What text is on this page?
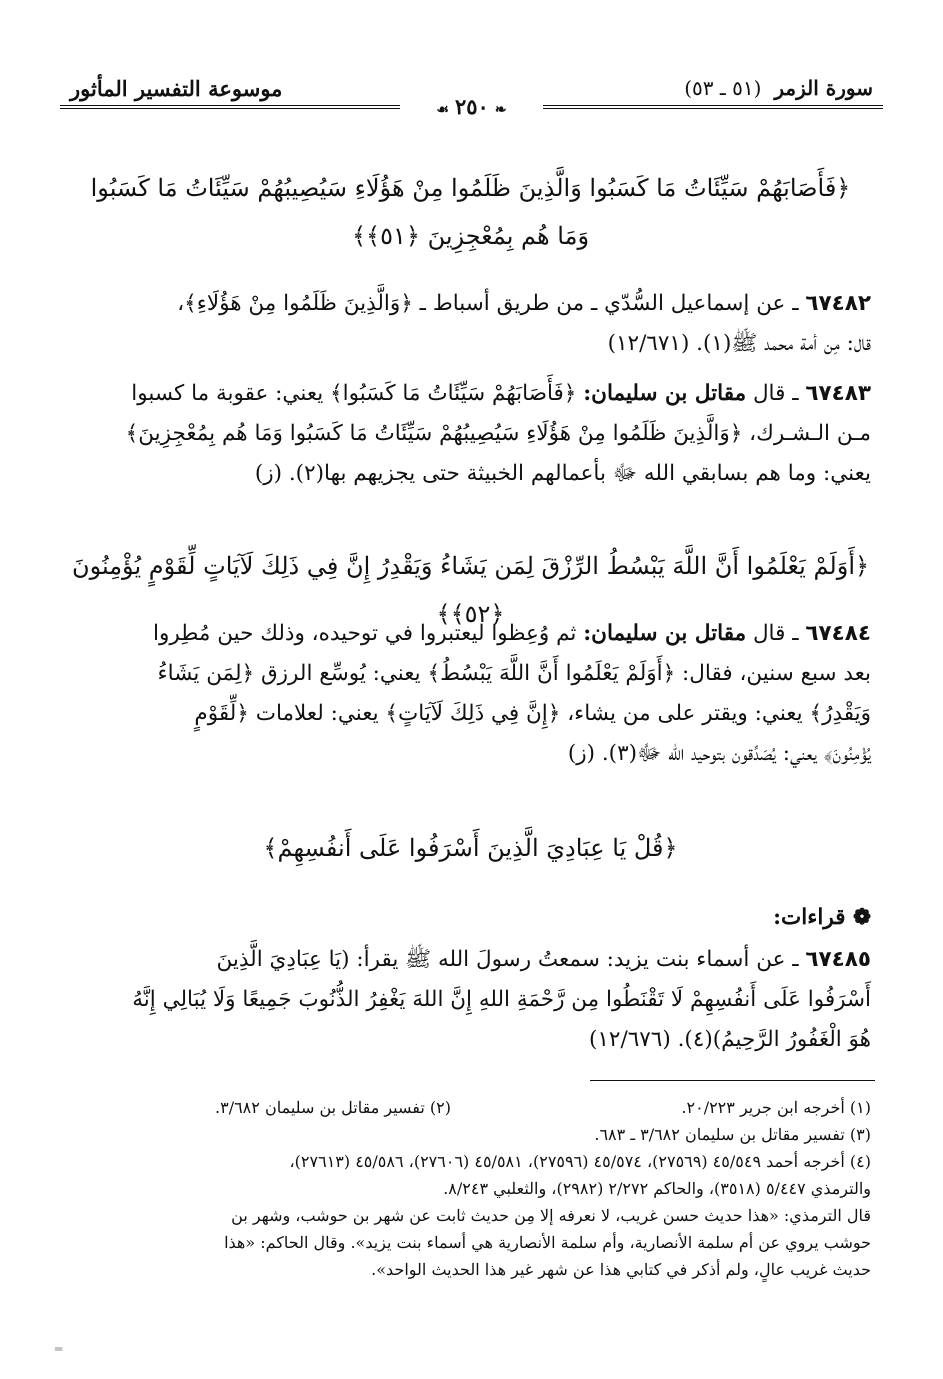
سورة الزمر (٥١ ـ ٥٣)
موسوعة التفسير المأثور
❧٢٥٠☙
﴿فَأَصَابَهُمْ سَيِّئَاتُ مَا كَسَبُوا وَالَّذِينَ ظَلَمُوا مِنْ هَؤُلَاءِ سَيُصِيبُهُمْ سَيِّئَاتُ مَا كَسَبُوا
وَمَا هُم بِمُعْجِزِينَ ﴿٥١﴾﴾
٦٧٤٨٢ ـ عن إسماعيل السُّدّي ـ من طريق أسباط ـ ﴿وَالَّذِينَ ظَلَمُوا مِنْ هَؤُلَاءِ﴾،
قال: مِن أمة محمد ﷺ(١). (١٢/٦٧١)
٦٧٤٨٣ ـ قال مقاتل بن سليمان: ﴿فَأَصَابَهُمْ سَيِّئَاتُ مَا كَسَبُوا﴾ يعني: عقوبة ما كسبوا
مـن الـشـرك، ﴿وَالَّذِينَ ظَلَمُوا مِنْ هَؤُلَاءِ سَيُصِيبُهُمْ سَيِّئَاتُ مَا كَسَبُوا وَمَا هُم بِمُعْجِزِينَ﴾
يعني: وما هم بسابقي الله ﷻ بأعمالهم الخبيثة حتى يجزيهم بها(٢). (ز)
﴿أَوَلَمْ يَعْلَمُوا أَنَّ اللَّهَ يَبْسُطُ الرِّزْقَ لِمَن يَشَاءُ وَيَقْدِرُ إِنَّ فِي ذَلِكَ لَآيَاتٍ لِّقَوْمٍ يُؤْمِنُونَ ﴿٥٢﴾﴾
٦٧٤٨٤ ـ قال مقاتل بن سليمان: ثم وُعِظوا ليعتبروا في توحيده، وذلك حين مُطِروا
بعد سبع سنين، فقال: ﴿أَوَلَمْ يَعْلَمُوا أَنَّ اللَّهَ يَبْسُطُ﴾ يعني: يُوسِّع الرزق ﴿لِمَن يَشَاءُ
وَيَقْدِرُ﴾ يعني: ويقتر على من يشاء، ﴿إِنَّ فِي ذَلِكَ لَآيَاتٍ﴾ يعني: لعلامات ﴿لِّقَوْمٍ
يُؤْمِنُونَ﴾ يعني: يُصَدِّقون بتوحيد الله ﷻ(٣). (ز)
﴿قُلْ يَا عِبَادِيَ الَّذِينَ أَسْرَفُوا عَلَى أَنفُسِهِمْ﴾
❁ قراءات:
٦٧٤٨٥ ـ عن أسماء بنت يزيد: سمعتُ رسولَ الله ﷺ يقرأ: (يَا عِبَادِيَ الَّذِينَ
أَسْرَفُوا عَلَى أَنفُسِهِمْ لَا تَقْنَطُوا مِن رَّحْمَةِ اللهِ إِنَّ اللهَ يَغْفِرُ الذُّنُوبَ جَمِيعًا وَلَا يُبَالِي إِنَّهُ
هُوَ الْغَفُورُ الرَّحِيمُ)(٤). (١٢/٦٧٦)
(١) أخرجه ابن جرير ٢٠/٢٢٣.
(٢) تفسير مقاتل بن سليمان ٣/٦٨٢.
(٣) تفسير مقاتل بن سليمان ٣/٦٨٢ ـ ٦٨٣.
(٤) أخرجه أحمد ٤٥/٥٤٩ (٢٧٥٦٩)، ٤٥/٥٧٤ (٢٧٥٩٦)، ٤٥/٥٨١ (٢٧٦٠٦)، ٤٥/٥٨٦ (٢٧٦١٣)،
والترمذي ٥/٤٤٧ (٣٥١٨)، والحاكم ٢/٢٧٢ (٢٩٨٢)، والثعلبي ٨/٢٤٣.
قال الترمذي: «هذا حديث حسن غريب، لا نعرفه إلا مِن حديث ثابت عن شهر بن حوشب، وشهر بن
حوشب يروي عن أم سلمة الأنصارية، وأم سلمة الأنصارية هي أسماء بنت يزيد». وقال الحاكم: «هذا
حديث غريب عالٍ، ولم أذكر في كتابي هذا عن شهر غير هذا الحديث الواحد».
═
